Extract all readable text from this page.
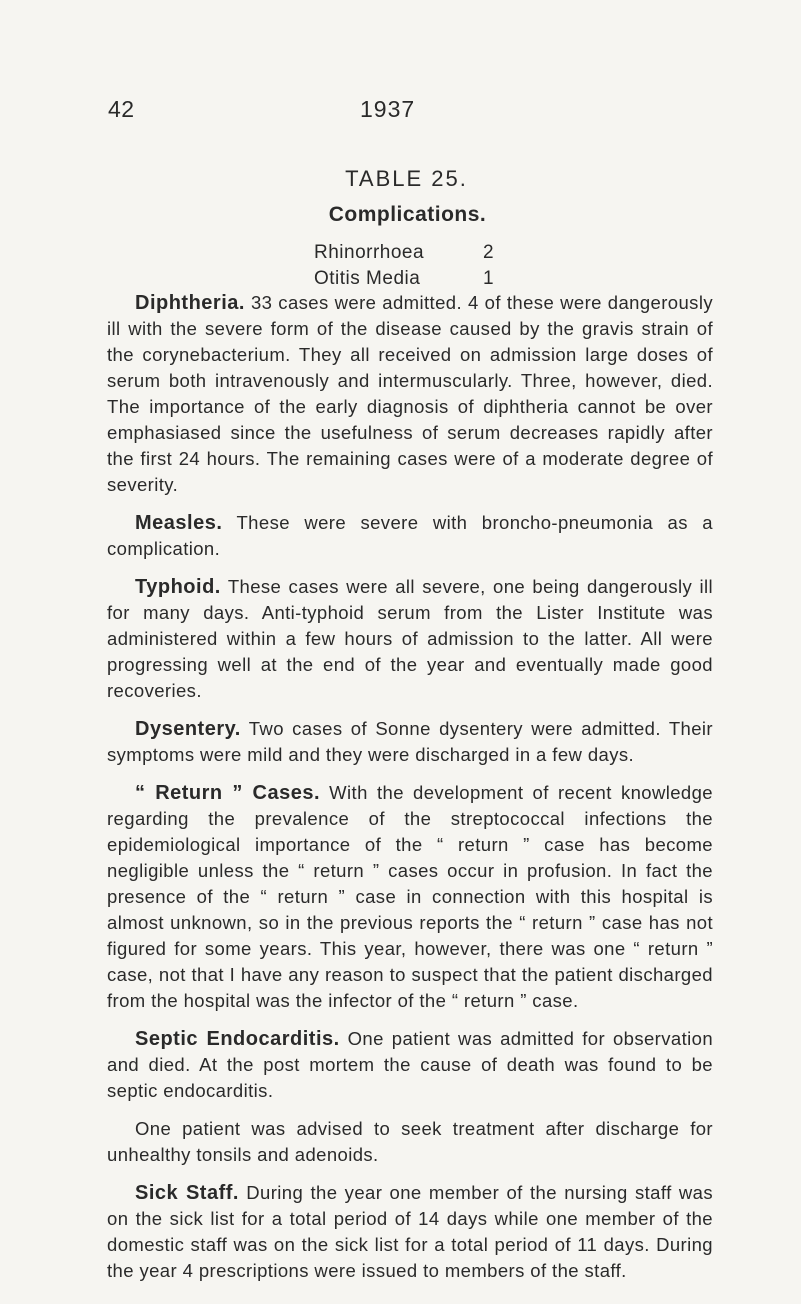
42	1937
TABLE 25.
Complications.
Rhinorrhoea	2
Otitis Media	1

Diphtheria. 33 cases were admitted. 4 of these were dangerously ill with the severe form of the disease caused by the gravis strain of the corynebacterium. They all received on admission large doses of serum both intravenously and intermuscularly. Three, however, died. The importance of the early diagnosis of diphtheria cannot be over emphasiased since the usefulness of serum decreases rapidly after the first 24 hours. The remaining cases were of a moderate degree of severity.

Measles. These were severe with broncho-pneumonia as a complication.

Typhoid. These cases were all severe, one being dangerously ill for many days. Anti-typhoid serum from the Lister Institute was administered within a few hours of admission to the latter. All were progressing well at the end of the year and eventually made good recoveries.

Dysentery. Two cases of Sonne dysentery were admitted. Their symptoms were mild and they were discharged in a few days.

“ Return ” Cases. With the development of recent knowledge regarding the prevalence of the streptococcal infections the epidemiological importance of the “ return ” case has become negligible unless the “ return ” cases occur in profusion. In fact the presence of the “ return ” case in connection with this hospital is almost unknown, so in the previous reports the “ return ” case has not figured for some years. This year, however, there was one “ return ” case, not that I have any reason to suspect that the patient discharged from the hospital was the infector of the “ return ” case.

Septic Endocarditis. One patient was admitted for observation and died. At the post mortem the cause of death was found to be septic endocarditis.

One patient was advised to seek treatment after discharge for unhealthy tonsils and adenoids.

Sick Staff. During the year one member of the nursing staff was on the sick list for a total period of 14 days while one member of the domestic staff was on the sick list for a total period of 11 days. During the year 4 prescriptions were issued to members of the staff.
